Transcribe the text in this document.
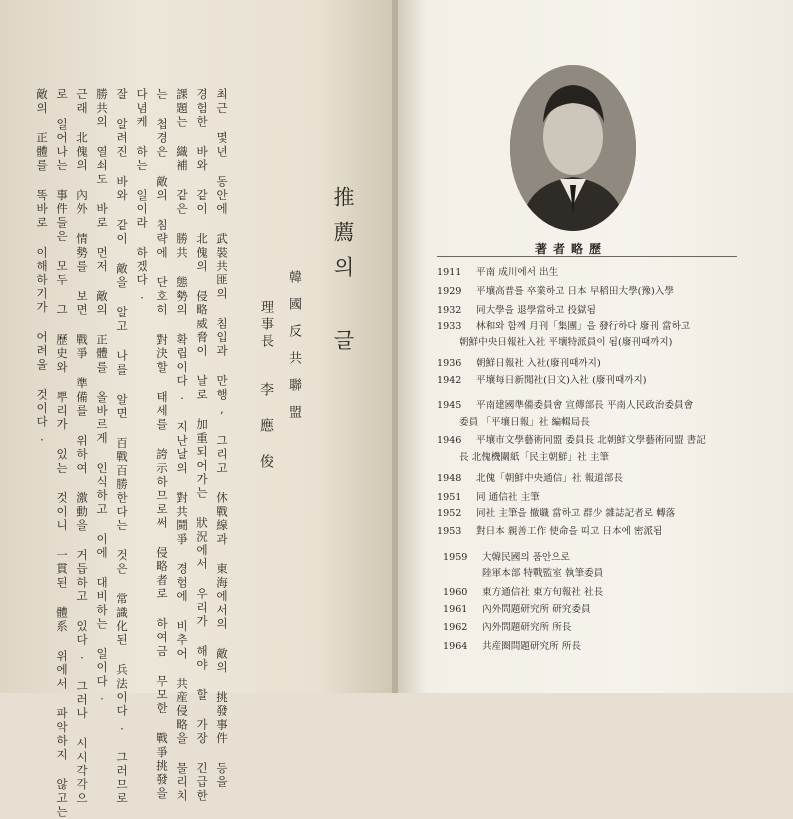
推薦의 글
韓國反共聯盟
理事長
李應俊
최근 몇년 동안에 武裝共匪의 침입과 만행, 그리고 休戰線과 東海에서의 敵의 挑發事件 등을
경험한 바와 같이 北傀의 侵略威脅이 날로 加重되어가는 狀況에서 우리가 해야 할 가장 긴급한
課題는 織補 같은 勝共 態勢의 확립이다. 지난날의 對共鬪爭 경험에 비추어 共産侵略을 물리치
는 첩경은 敵의 침략에 단호히 對決할 태세를 誇示하므로써 侵略者로 하여금 무모한 戰爭挑發을
다념케 하는 일이라 하겠다.
잘 알려진 바와 같이 敵을 알고 나를 알면 百戰百勝한다는 것은 常識化된 兵法이다. 그러므로
勝共의 열쇠도 바로 먼저 敵의 正體를 올바르게 인식하고 이에 대비하는 일이다.
근래 北傀의 內外 情勢를 보면 戰爭 準備를 위하여 激動을 거듭하고 있다. 그러나 시시각각으
로 일어나는 事件들은 모두 그 歷史와 뿌리가 있는 것이니 一貫된 體系 위에서 파악하지 않고는
敵의 正體를 똑바로 이해하기가 어려울 것이다.	著者略歷
1911 平南 成川에서 出生
1929 平壤高普를 卒業하고 日本 早稻田大學(豫)入學
1932 同大學을 退學當하고 投獄됨
1933 林和와 함께 月刊「集團」을 發行하다 廢刊 當하고
朝鮮中央日報社入社 平壤特派員이 됨(廢刊때까지)
1936 朝鮮日報社 入社(廢刊때까지)
1942 平壤每日新聞社(日文)入社 (廢刊때까지)
1945 平南建國準備委員會 宣傳部長 平南人民政治委員會
委員 「平壤日報」社 編輯局長
1946 平壤市文學藝術同盟 委員長 北朝鮮文學藝術同盟 書記
長 北傀機關紙「民主朝鮮」社 主筆
1948 北傀「朝鮮中央通信」社 報道部長
1951 同 通信社 主筆
1952 同社 主筆을 撤職 當하고 群少 雜誌記者로 轉落
1953 對日本 親善工作 使命을 띠고 日本에 密派됨
1959 大韓民國의 품안으로
陸軍本部 特戰監室 執筆委員
1960 東方通信社 東方旬報社 社長
1961 內外問題研究所 研究委員
1962 內外問題研究所 所長
1964 共産圈問題研究所 所長
